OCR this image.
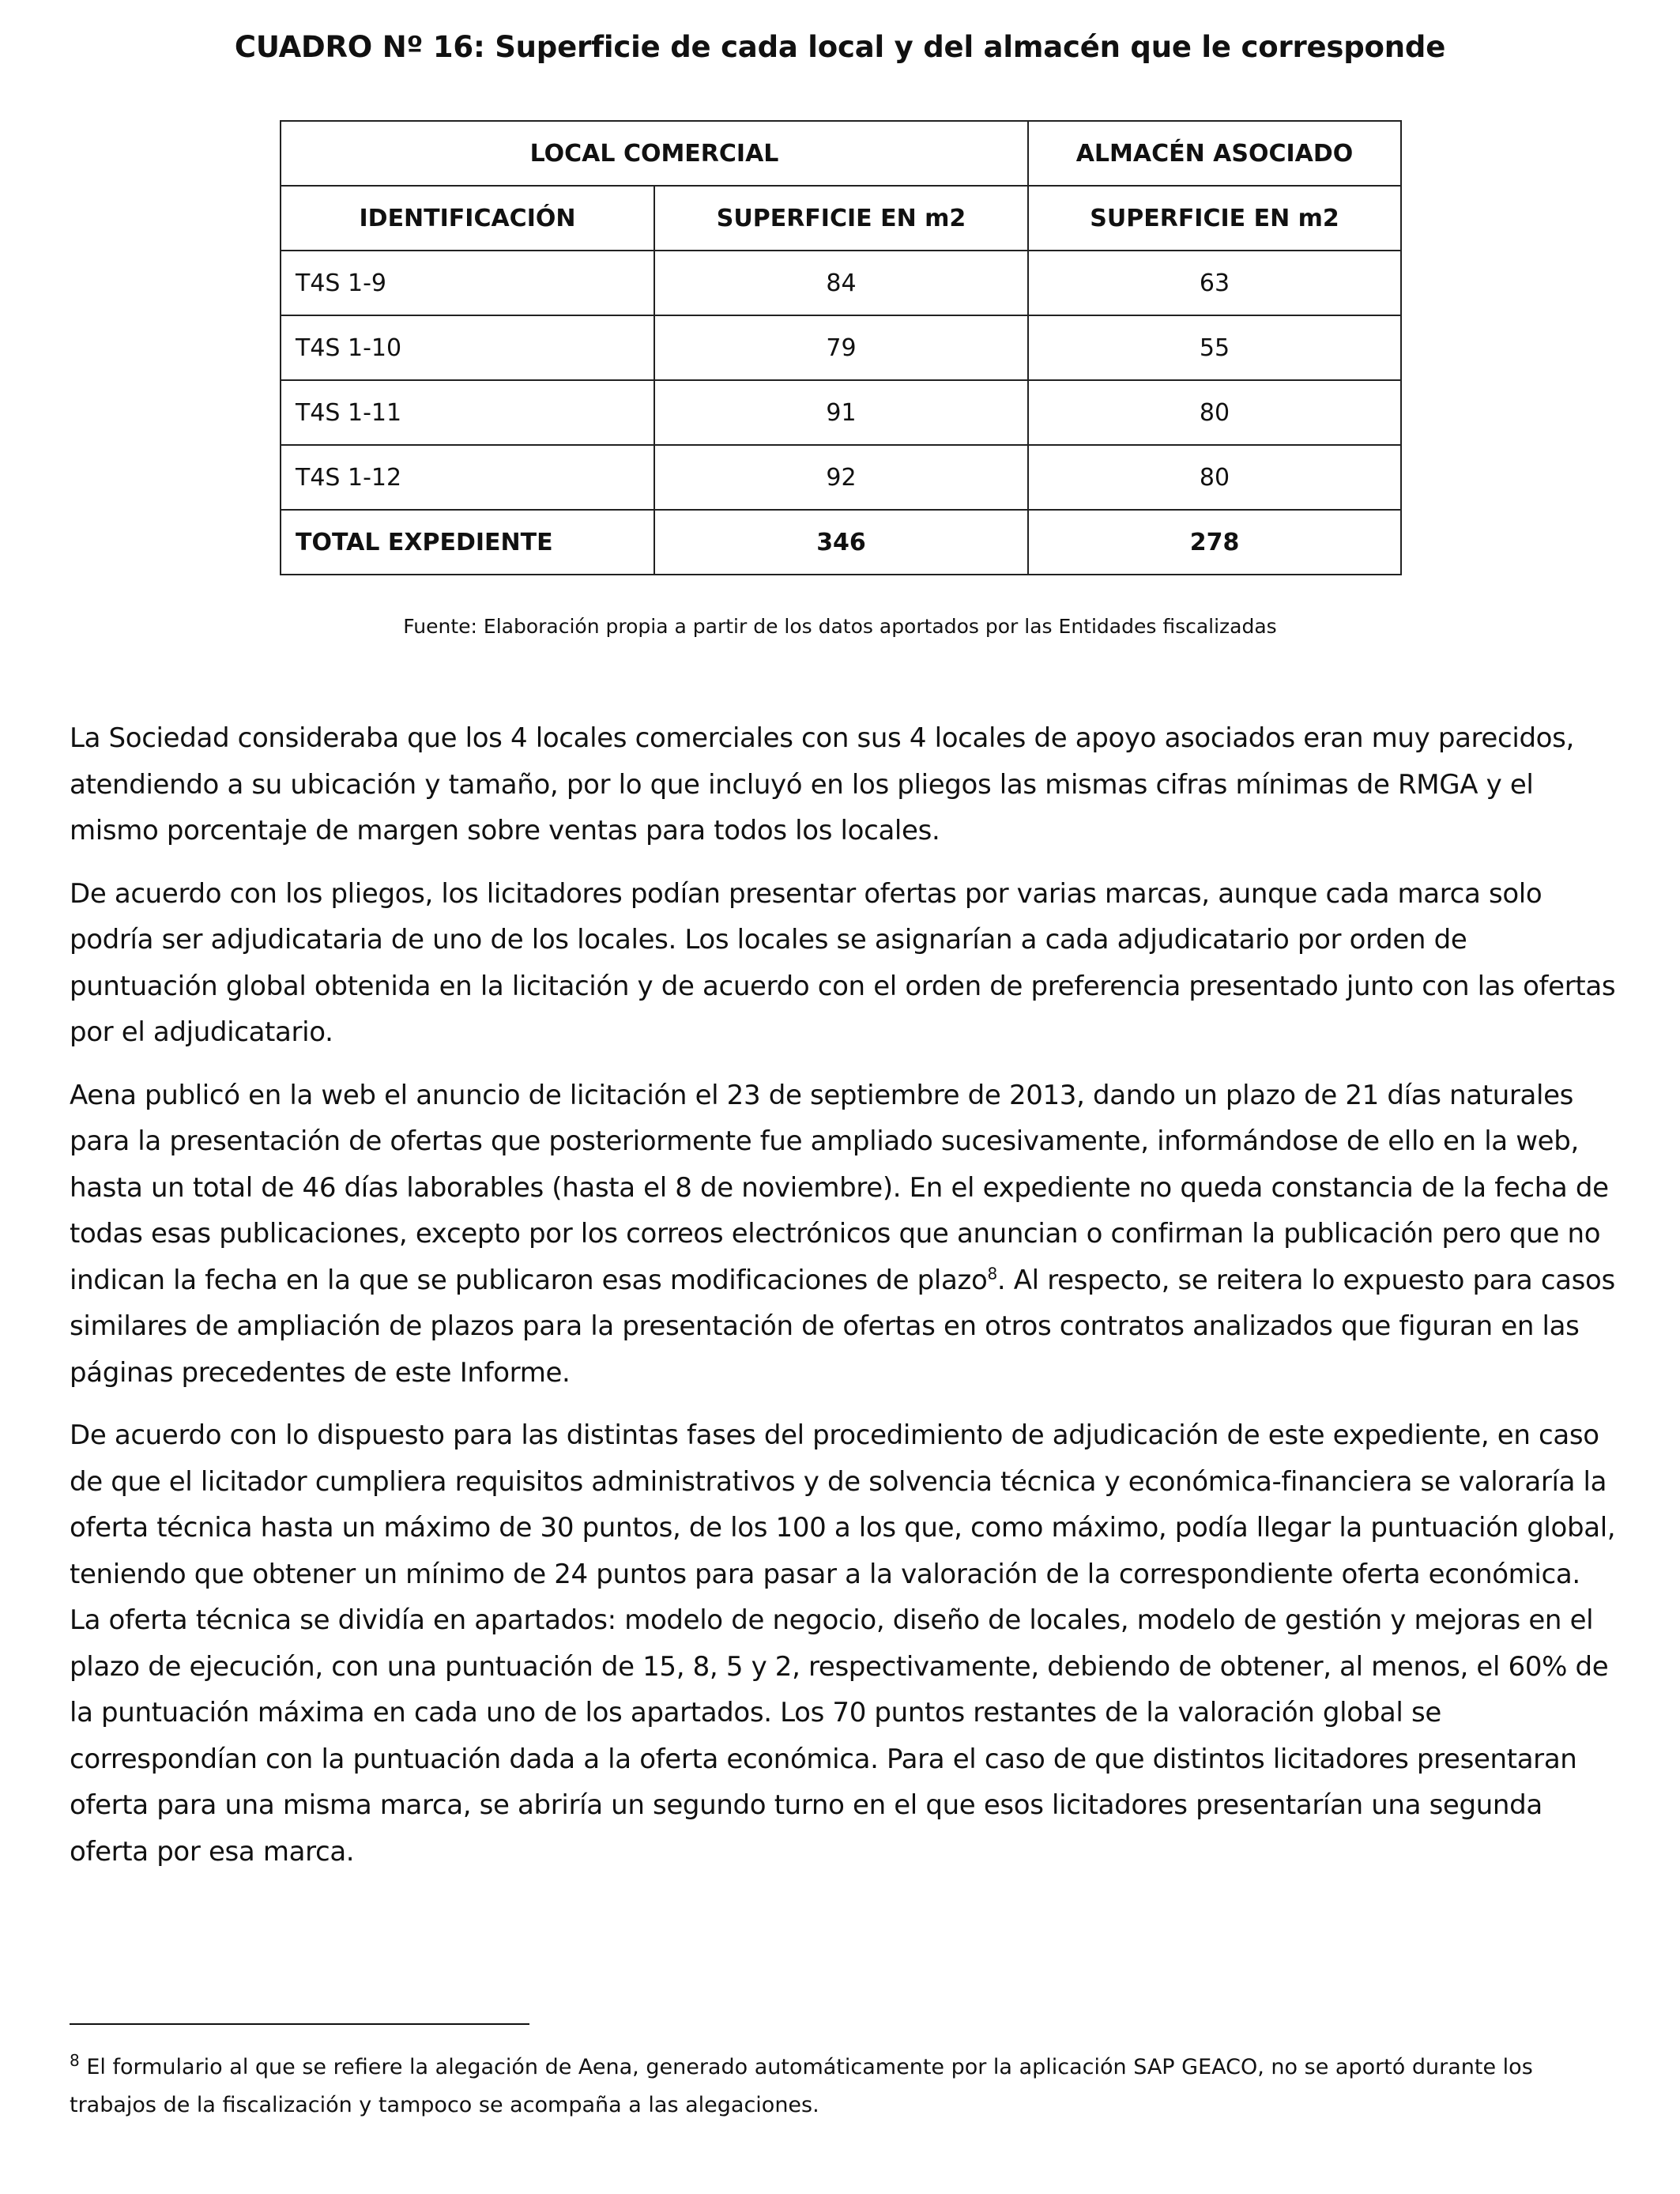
CUADRO Nº 16: Superficie de cada local y del almacén que le corresponde
LOCAL COMERCIAL		ALMACÉN ASOCIADO
IDENTIFICACIÓN	SUPERFICIE EN m2	SUPERFICIE EN m2
T4S 1-9	84	63
T4S 1-10	79	55
T4S 1-11	91	80
T4S 1-12	92	80
TOTAL EXPEDIENTE	346	278
Fuente: Elaboración propia a partir de los datos aportados por las Entidades fiscalizadas

La Sociedad consideraba que los 4 locales comerciales con sus 4 locales de apoyo asociados eran muy parecidos, atendiendo a su ubicación y tamaño, por lo que incluyó en los pliegos las mismas cifras mínimas de RMGA y el mismo porcentaje de margen sobre ventas para todos los locales.

De acuerdo con los pliegos, los licitadores podían presentar ofertas por varias marcas, aunque cada marca solo podría ser adjudicataria de uno de los locales. Los locales se asignarían a cada adjudicatario por orden de puntuación global obtenida en la licitación y de acuerdo con el orden de preferencia presentado junto con las ofertas por el adjudicatario.

Aena publicó en la web el anuncio de licitación el 23 de septiembre de 2013, dando un plazo de 21 días naturales para la presentación de ofertas que posteriormente fue ampliado sucesivamente, informándose de ello en la web, hasta un total de 46 días laborables (hasta el 8 de noviembre). En el expediente no queda constancia de la fecha de todas esas publicaciones, excepto por los correos electrónicos que anuncian o confirman la publicación pero que no indican la fecha en la que se publicaron esas modificaciones de plazo$^8$. Al respecto, se reitera lo expuesto para casos similares de ampliación de plazos para la presentación de ofertas en otros contratos analizados que figuran en las páginas precedentes de este Informe.

De acuerdo con lo dispuesto para las distintas fases del procedimiento de adjudicación de este expediente, en caso de que el licitador cumpliera requisitos administrativos y de solvencia técnica y económica-financiera se valoraría la oferta técnica hasta un máximo de 30 puntos, de los 100 a los que, como máximo, podía llegar la puntuación global, teniendo que obtener un mínimo de 24 puntos para pasar a la valoración de la correspondiente oferta económica. La oferta técnica se dividía en apartados: modelo de negocio, diseño de locales, modelo de gestión y mejoras en el plazo de ejecución, con una puntuación de 15, 8, 5 y 2, respectivamente, debiendo de obtener, al menos, el 60% de la puntuación máxima en cada uno de los apartados. Los 70 puntos restantes de la valoración global se correspondían con la puntuación dada a la oferta económica. Para el caso de que distintos licitadores presentaran oferta para una misma marca, se abriría un segundo turno en el que esos licitadores presentarían una segunda oferta por esa marca.

$^8$ El formulario al que se refiere la alegación de Aena, generado automáticamente por la aplicación SAP GEACO, no se aportó durante los trabajos de la fiscalización y tampoco se acompaña a las alegaciones.
